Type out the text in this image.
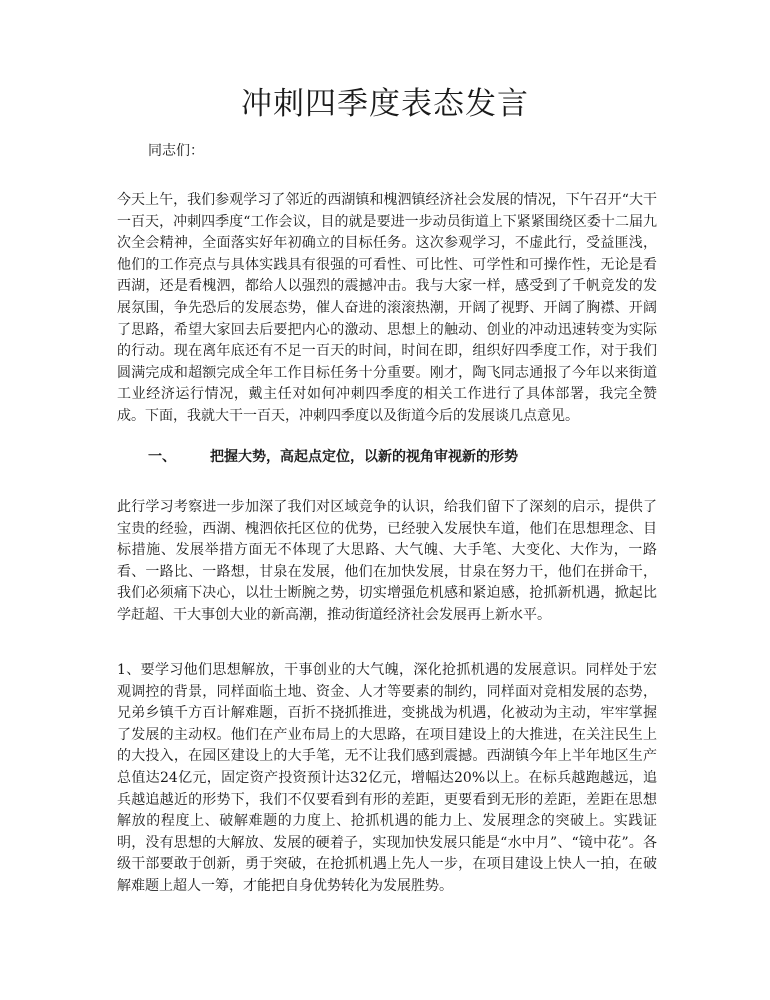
冲刺四季度表态发言

同志们：

今天上午，我们参观学习了邻近的西湖镇和槐泗镇经济社会发展的情况，下午召开“大干一百天，冲刺四季度“工作会议，目的就是要进一步动员街道上下紧紧围绕区委十二届九次全会精神，全面落实好年初确立的目标任务。这次参观学习，不虚此行，受益匪浅，他们的工作亮点与具体实践具有很强的可看性、可比性、可学性和可操作性，无论是看西湖，还是看槐泗，都给人以强烈的震撼冲击。我与大家一样，感受到了千帆竞发的发展氛围，争先恐后的发展态势，催人奋进的滚滚热潮，开阔了视野、开阔了胸襟、开阔了思路，希望大家回去后要把内心的激动、思想上的触动、创业的冲动迅速转变为实际的行动。现在离年底还有不足一百天的时间，时间在即，组织好四季度工作，对于我们圆满完成和超额完成全年工作目标任务十分重要。刚才，陶飞同志通报了今年以来街道工业经济运行情况，戴主任对如何冲刺四季度的相关工作进行了具体部署，我完全赞成。下面，我就大干一百天，冲刺四季度以及街道今后的发展谈几点意见。

一、 把握大势，高起点定位，以新的视角审视新的形势

此行学习考察进一步加深了我们对区域竞争的认识，给我们留下了深刻的启示，提供了宝贵的经验，西湖、槐泗依托区位的优势，已经驶入发展快车道，他们在思想理念、目标措施、发展举措方面无不体现了大思路、大气魄、大手笔、大变化、大作为，一路看、一路比、一路想，甘泉在发展，他们在加快发展，甘泉在努力干，他们在拼命干，我们必须痛下决心，以壮士断腕之势，切实增强危机感和紧迫感，抢抓新机遇，掀起比学赶超、干大事创大业的新高潮，推动街道经济社会发展再上新水平。

1、要学习他们思想解放，干事创业的大气魄，深化抢抓机遇的发展意识。同样处于宏观调控的背景，同样面临土地、资金、人才等要素的制约，同样面对竞相发展的态势，兄弟乡镇千方百计解难题，百折不挠抓推进，变挑战为机遇，化被动为主动，牢牢掌握了发展的主动权。他们在产业布局上的大思路，在项目建设上的大推进，在关注民生上的大投入，在园区建设上的大手笔，无不让我们感到震撼。西湖镇今年上半年地区生产总值达24亿元，固定资产投资预计达32亿元，增幅达20%以上。在标兵越跑越远，追兵越追越近的形势下，我们不仅要看到有形的差距，更要看到无形的差距，差距在思想解放的程度上、破解难题的力度上、抢抓机遇的能力上、发展理念的突破上。实践证明，没有思想的大解放、发展的硬着子，实现加快发展只能是“水中月”、“镜中花”。各级干部要敢于创新，勇于突破，在抢抓机遇上先人一步，在项目建设上快人一拍，在破解难题上超人一筹，才能把自身优势转化为发展胜势。
